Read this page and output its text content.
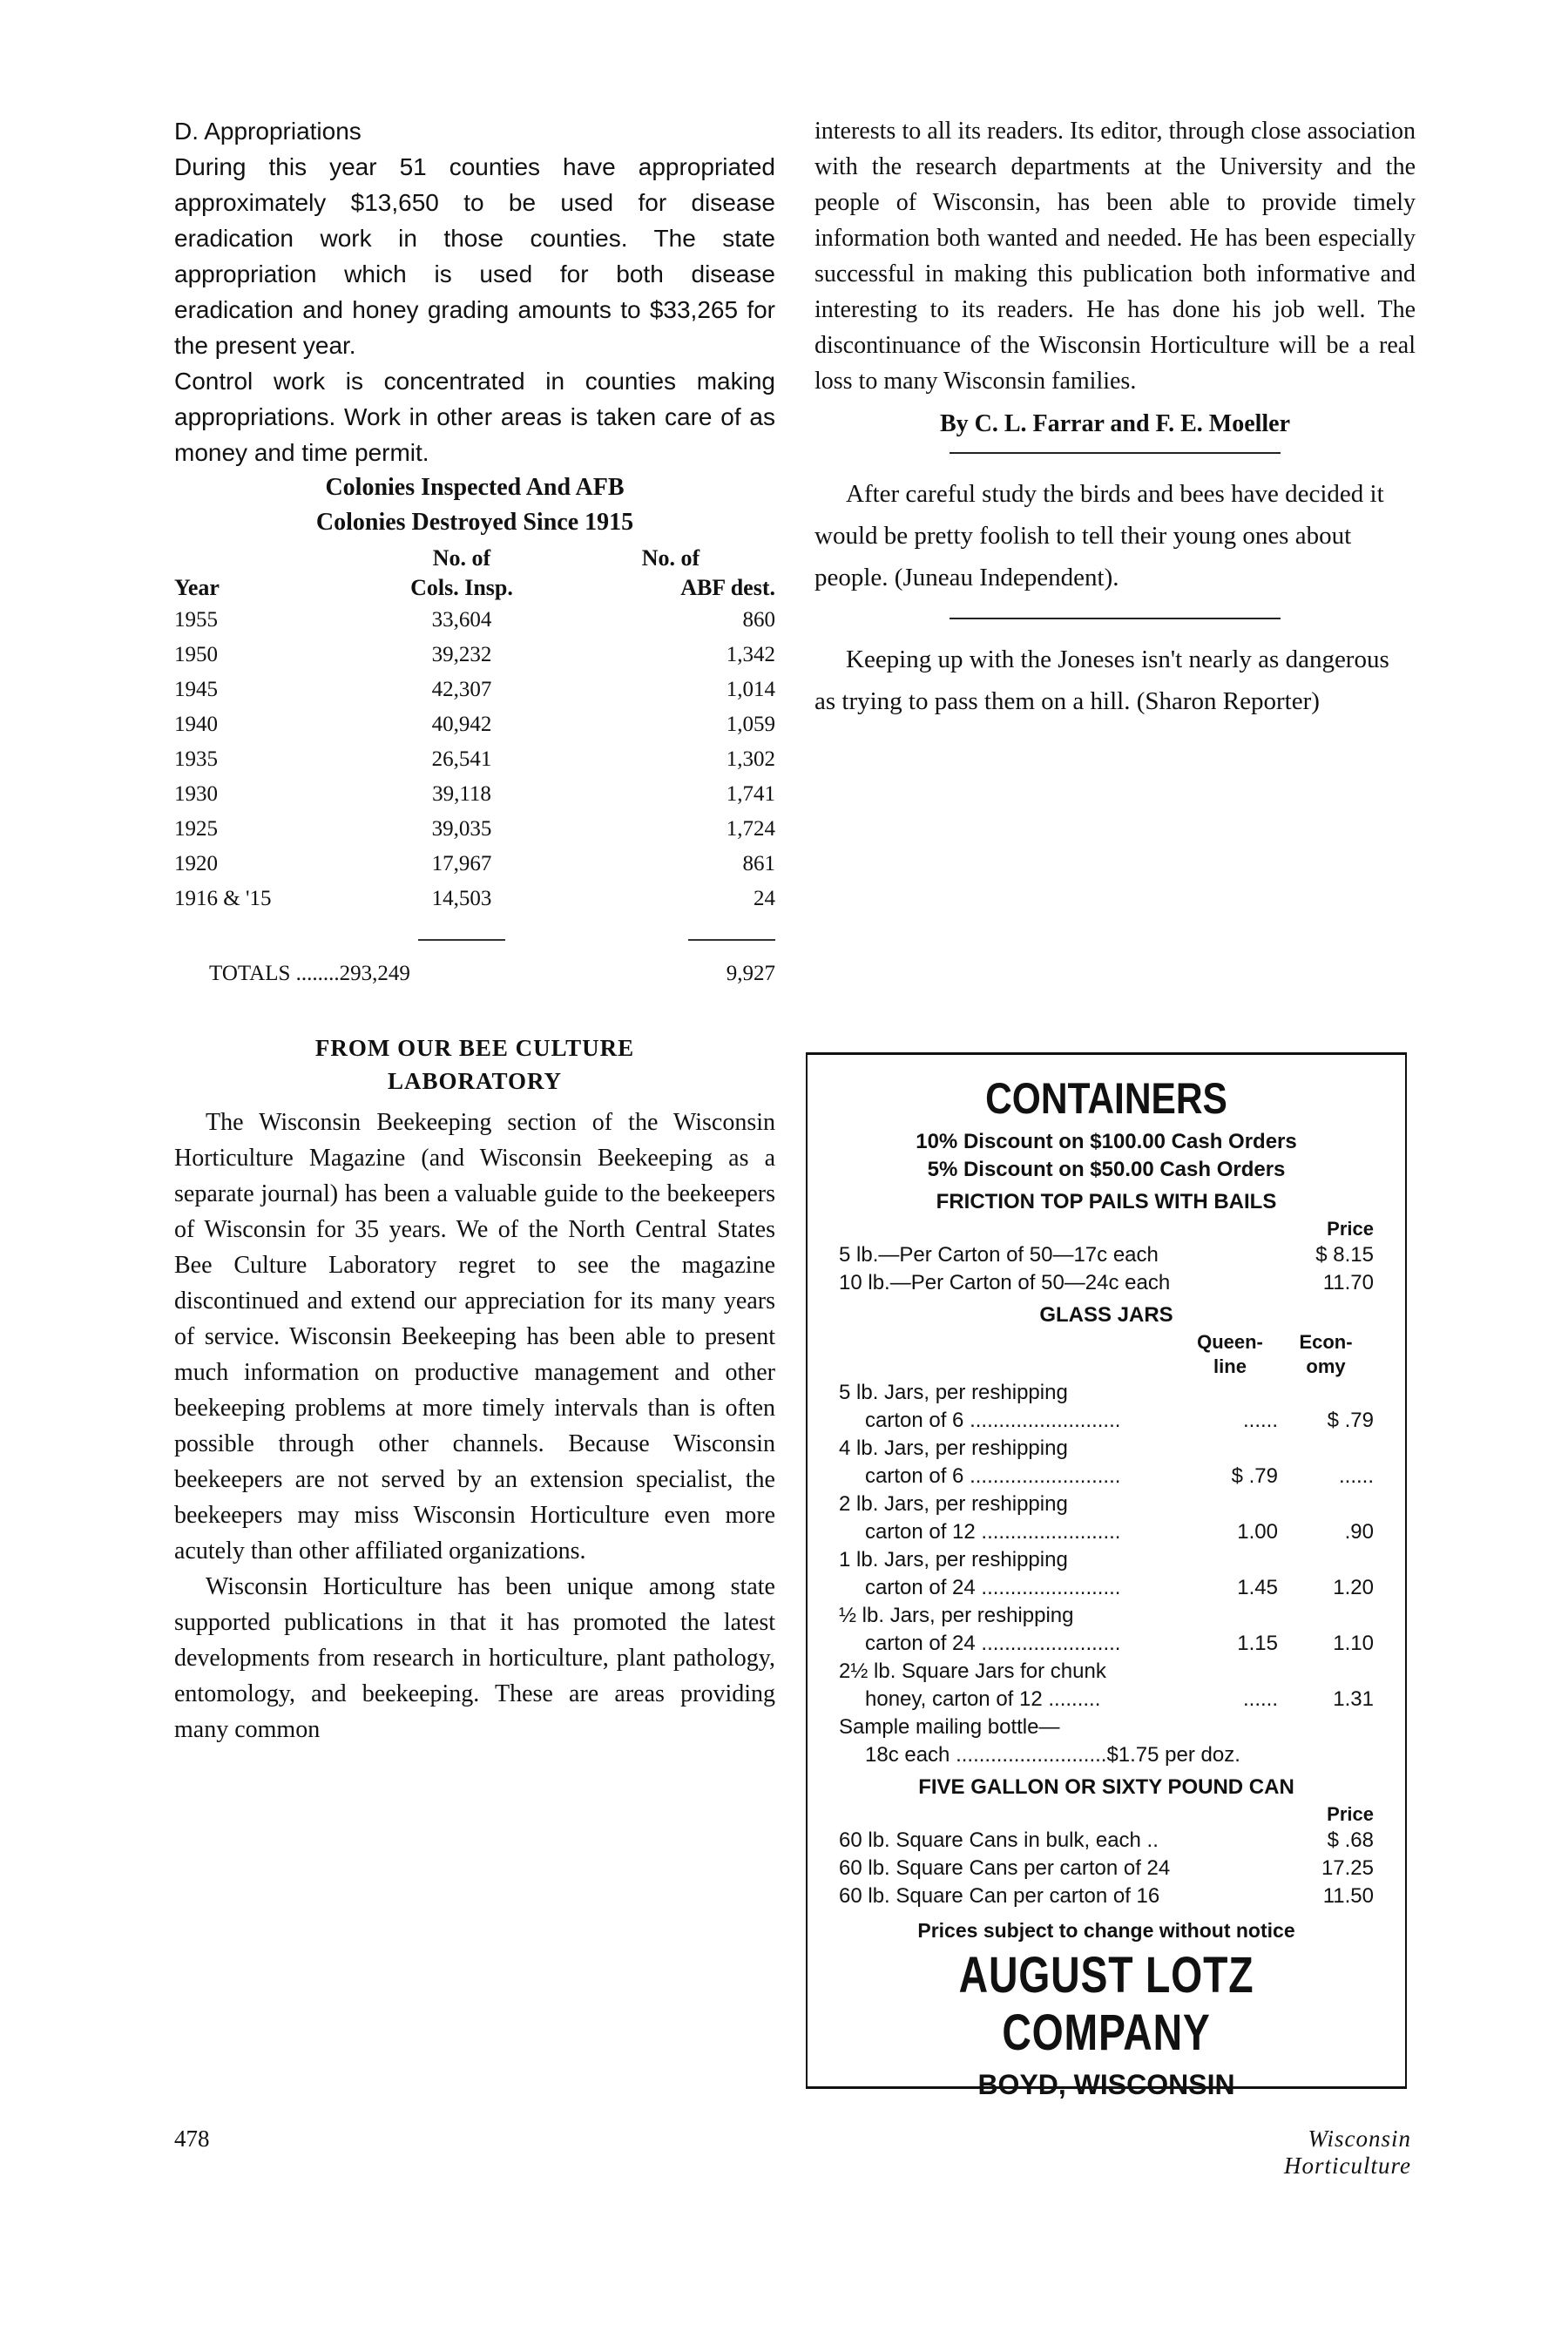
D. Appropriations

During this year 51 counties have appropriated approximately $13,650 to be used for disease eradication work in those counties. The state appropriation which is used for both disease eradication and honey grading amounts to $33,265 for the present year.

Control work is concentrated in counties making appropriations. Work in other areas is taken care of as money and time permit.

Colonies Inspected And AFB

Colonies Destroyed Since 1915

	No. of	No. of
Year	Cols. Insp.	ABF dest.
1955	33,604	860
1950	39,232	1,342
1945	42,307	1,014
1940	40,942	1,059
1935	26,541	1,302
1930	39,118	1,741
1925	39,035	1,724
1920	17,967	861
1916 & '15	14,503	24

TOTALS ........293,249		9,927
FROM OUR BEE CULTURE
LABORATORY

The Wisconsin Beekeeping section of the Wisconsin Horticulture Magazine (and Wisconsin Beekeeping as a separate journal) has been a valuable guide to the beekeepers of Wisconsin for 35 years. We of the North Central States Bee Culture Laboratory regret to see the magazine discontinued and extend our appreciation for its many years of service. Wisconsin Beekeeping has been able to present much information on productive management and other beekeeping problems at more timely intervals than is often possible through other channels. Because Wisconsin beekeepers are not served by an extension specialist, the beekeepers may miss Wisconsin Horticulture even more acutely than other affiliated organizations.

Wisconsin Horticulture has been unique among state supported publications in that it has promoted the latest developments from research in horticulture, plant pathology, entomology, and beekeeping. These are areas providing many common

interests to all its readers. Its editor, through close association with the research departments at the University and the people of Wisconsin, has been able to provide timely information both wanted and needed. He has been especially successful in making this publication both informative and interesting to its readers. He has done his job well. The discontinuance of the Wisconsin Horticulture will be a real loss to many Wisconsin families.

By C. L. Farrar and F. E. Moeller

After careful study the birds and bees have decided it would be pretty foolish to tell their young ones about people. (Juneau Independent).

Keeping up with the Joneses isn't nearly as dangerous as trying to pass them on a hill. (Sharon Reporter)

CONTAINERS

10% Discount on $100.00 Cash Orders

5% Discount on $50.00 Cash Orders

FRICTION TOP PAILS WITH BAILS

Price

5 lb.—Per Carton of 50—17c each	$ 8.15
10 lb.—Per Carton of 50—24c each	11.70

GLASS JARS

Queen-
line
Econ-
omy

5 lb. Jars, per reshipping

carton of 6 ..........................	......	$ .79

4 lb. Jars, per reshipping

carton of 6 ..........................	$ .79	......

2 lb. Jars, per reshipping

carton of 12 ........................	1.00	.90

1 lb. Jars, per reshipping

carton of 24 ........................	1.45	1.20

½ lb. Jars, per reshipping

carton of 24 ........................	1.15	1.10

2½ lb. Square Jars for chunk

honey, carton of 12 .........	......	1.31

Sample mailing bottle—

18c each ..........................$1.75 per doz.

FIVE GALLON OR SIXTY POUND CAN

Price

60 lb. Square Cans in bulk, each ..	$ .68
60 lb. Square Cans per carton of 24	17.25
60 lb. Square Can per carton of 16	11.50

Prices subject to change without notice

AUGUST LOTZ COMPANY

BOYD, WISCONSIN

478	Wisconsin Horticulture
